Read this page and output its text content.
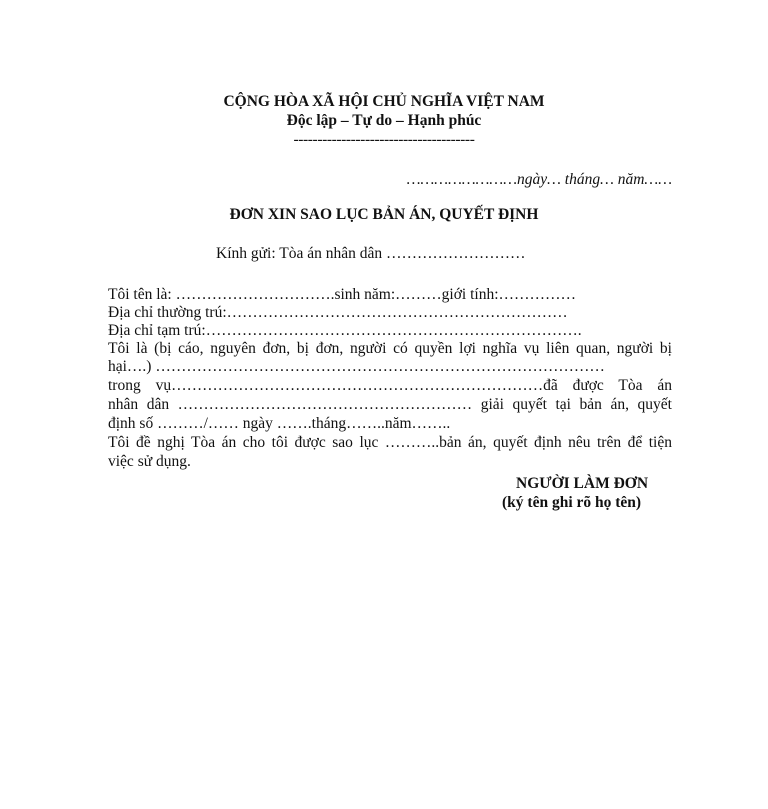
CỘNG HÒA XÃ HỘI CHỦ NGHĨA VIỆT NAM
Độc lập – Tự do – Hạnh phúc
--------------------------------------
……………………ngày… tháng… năm……
ĐƠN XIN SAO LỤC BẢN ÁN, QUYẾT ĐỊNH
Kính gửi: Tòa án nhân dân ………………………
Tôi tên là: ………………………….sinh năm:………giới tính:……………
Địa chỉ thường trú:…………………………………………………………
Địa chỉ tạm trú:……………………………………………………………….
Tôi là (bị cáo, nguyên đơn, bị đơn, người có quyền lợi nghĩa vụ liên quan, người bị
hại….) ……………………………………………………………………………
trong vụ………………………………………………………………đã được Tòa án
nhân dân ………………………………………………… giải quyết tại bản án, quyết
định số ………/…… ngày …….tháng……..năm……..
Tôi đề nghị Tòa án cho tôi được sao lục ………..bản án, quyết định nêu trên để tiện
việc sử dụng.
NGƯỜI LÀM ĐƠN
(ký tên ghi rõ họ tên)
